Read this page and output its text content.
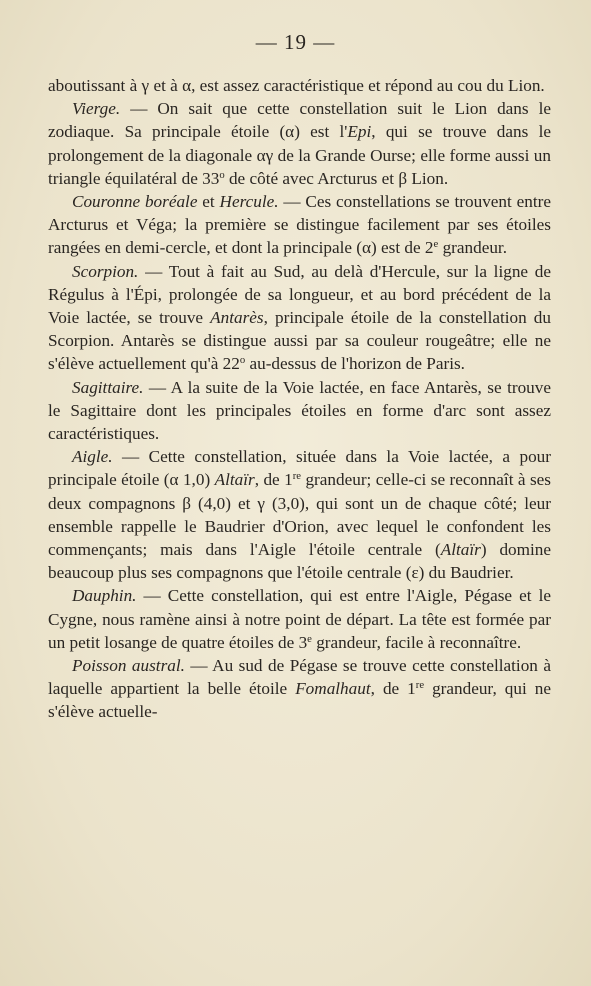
— 19 —

aboutissant à γ et à α, est assez caractéristique et répond au cou du Lion.

Vierge. — On sait que cette constellation suit le Lion dans le zodiaque. Sa principale étoile (α) est l'Epi, qui se trouve dans le prolongement de la diagonale αγ de la Grande Ourse; elle forme aussi un triangle équilatéral de 33$^o$ de côté avec Arcturus et β Lion.

Couronne boréale et Hercule. — Ces constellations se trouvent entre Arcturus et Véga; la première se distingue facilement par ses étoiles rangées en demi-cercle, et dont la principale (α) est de 2e grandeur.

Scorpion. — Tout à fait au Sud, au delà d'Hercule, sur la ligne de Régulus à l'Épi, prolongée de sa longueur, et au bord précédent de la Voie lactée, se trouve Antarès, principale étoile de la constellation du Scorpion. Antarès se distingue aussi par sa couleur rougeâtre; elle ne s'élève actuellement qu'à 22$^o$ au-dessus de l'horizon de Paris.

Sagittaire. — A la suite de la Voie lactée, en face Antarès, se trouve le Sagittaire dont les principales étoiles en forme d'arc sont assez caractéristiques.

Aigle. — Cette constellation, située dans la Voie lactée, a pour principale étoile (α 1,0) Altaïr, de 1re grandeur; celle-ci se reconnaît à ses deux compagnons β (4,0) et γ (3,0), qui sont un de chaque côté; leur ensemble rappelle le Baudrier d'Orion, avec lequel le confondent les commençants; mais dans l'Aigle l'étoile centrale (Altaïr) domine beaucoup plus ses compagnons que l'étoile centrale (ε) du Baudrier.

Dauphin. — Cette constellation, qui est entre l'Aigle, Pégase et le Cygne, nous ramène ainsi à notre point de départ. La tête est formée par un petit losange de quatre étoiles de 3e grandeur, facile à reconnaître.

Poisson austral. — Au sud de Pégase se trouve cette constellation à laquelle appartient la belle étoile Fomalhaut, de 1re grandeur, qui ne s'élève actuelle-
